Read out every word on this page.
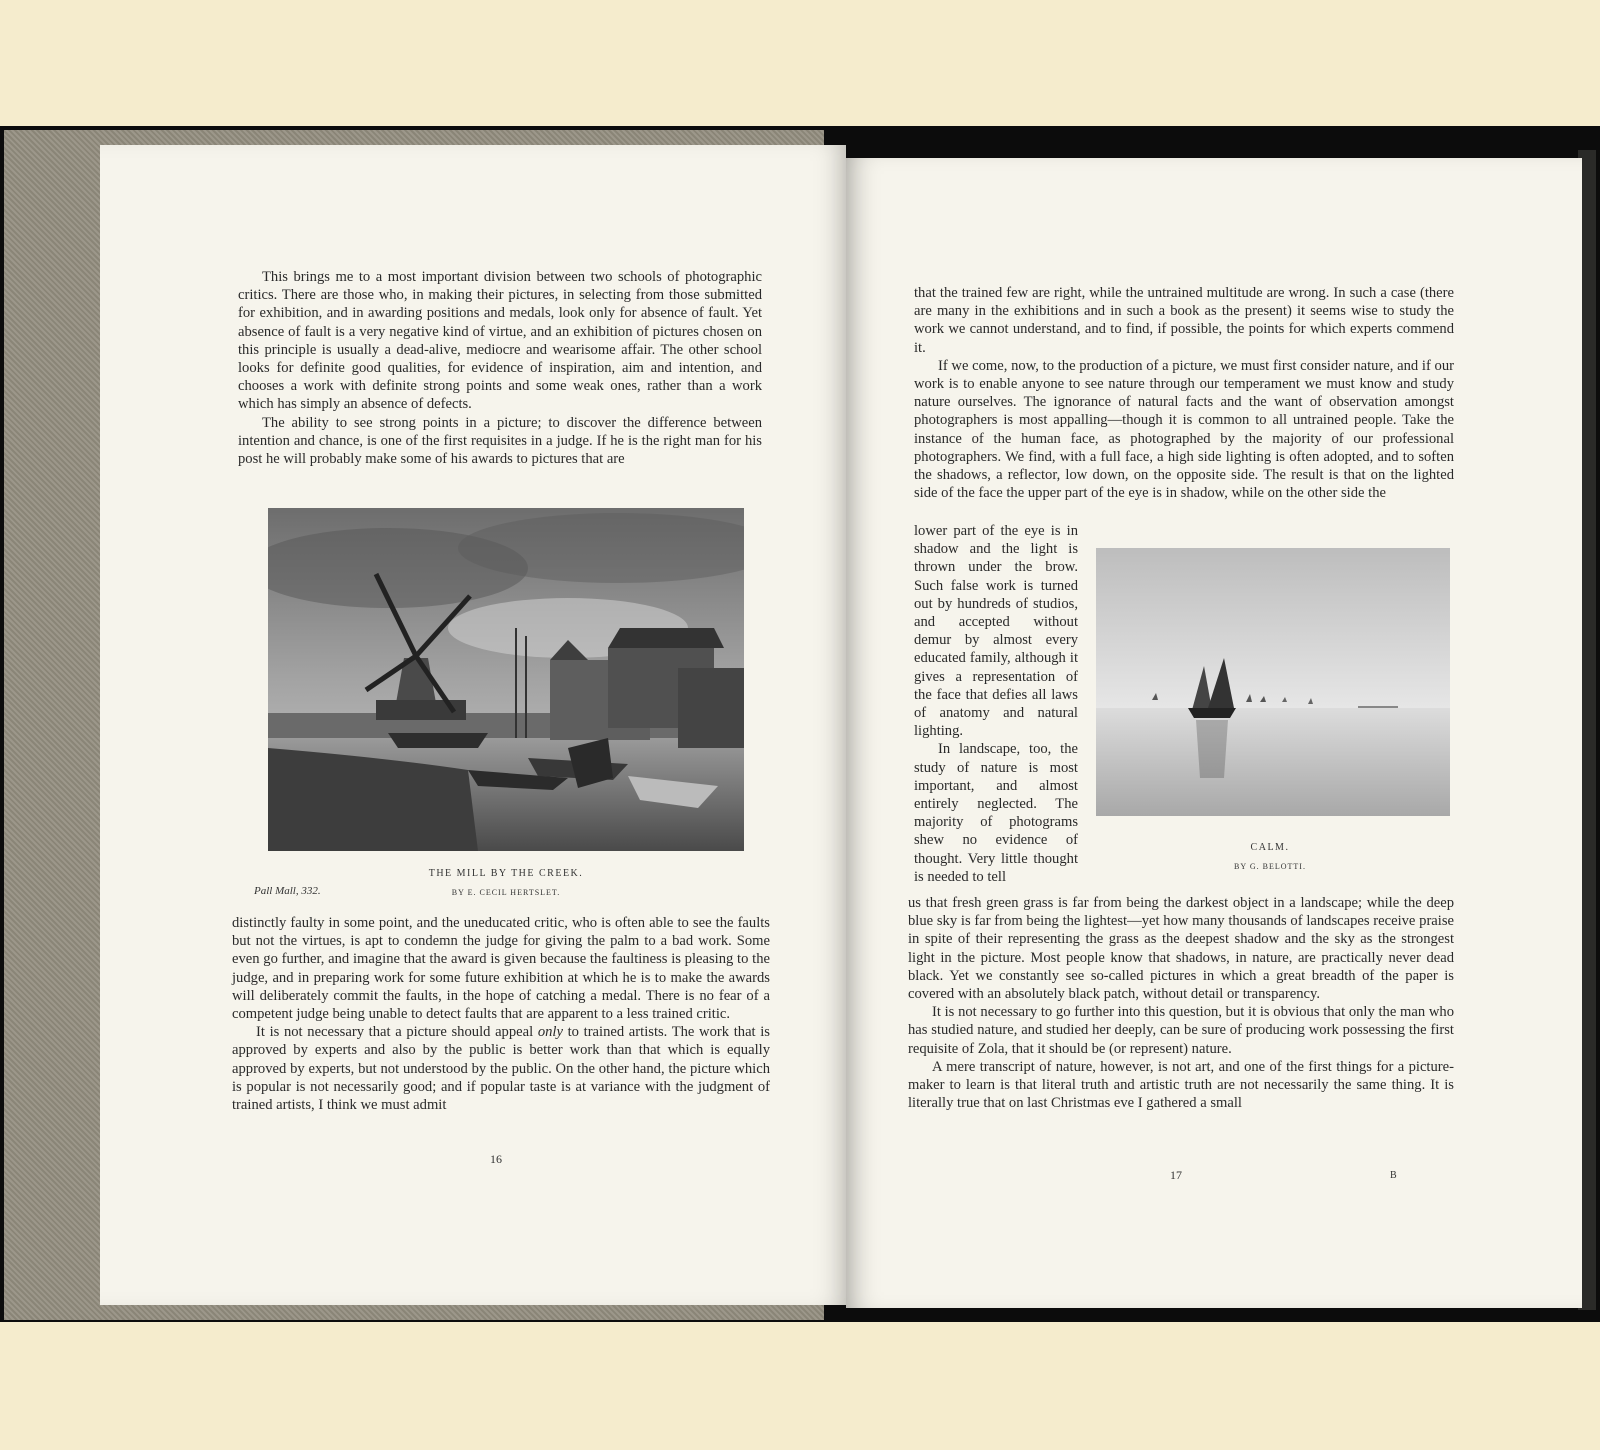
This brings me to a most important division between two schools of photographic critics. There are those who, in making their pictures, in selecting from those submitted for exhibition, and in awarding positions and medals, look only for absence of fault. Yet absence of fault is a very negative kind of virtue, and an exhibition of pictures chosen on this principle is usually a dead-alive, mediocre and wearisome affair. The other school looks for definite good qualities, for evidence of inspiration, aim and intention, and chooses a work with definite strong points and some weak ones, rather than a work which has simply an absence of defects.

The ability to see strong points in a picture; to discover the difference between intention and chance, is one of the first requisites in a judge. If he is the right man for his post he will probably make some of his awards to pictures that are

THE MILL BY THE CREEK.
BY E. CECIL HERTSLET.
Pall Mall, 332.

distinctly faulty in some point, and the uneducated critic, who is often able to see the faults but not the virtues, is apt to condemn the judge for giving the palm to a bad work. Some even go further, and imagine that the award is given because the faultiness is pleasing to the judge, and in preparing work for some future exhibition at which he is to make the awards will deliberately commit the faults, in the hope of catching a medal. There is no fear of a competent judge being unable to detect faults that are apparent to a less trained critic.

It is not necessary that a picture should appeal only to trained artists. The work that is approved by experts and also by the public is better work than that which is equally approved by experts, but not understood by the public. On the other hand, the picture which is popular is not necessarily good; and if popular taste is at variance with the judgment of trained artists, I think we must admit

16

that the trained few are right, while the untrained multitude are wrong. In such a case (there are many in the exhibitions and in such a book as the present) it seems wise to study the work we cannot understand, and to find, if possible, the points for which experts commend it.

If we come, now, to the production of a picture, we must first consider nature, and if our work is to enable anyone to see nature through our temperament we must know and study nature ourselves. The ignorance of natural facts and the want of observation amongst photographers is most appalling—though it is common to all untrained people. Take the instance of the human face, as photographed by the majority of our professional photographers. We find, with a full face, a high side lighting is often adopted, and to soften the shadows, a reflector, low down, on the opposite side. The result is that on the lighted side of the face the upper part of the eye is in shadow, while on the other side the

lower part of the eye is in shadow and the light is thrown under the brow. Such false work is turned out by hundreds of studios, and accepted without demur by almost every educated family, although it gives a representation of the face that defies all laws of anatomy and natural lighting.

In landscape, too, the study of nature is most important, and almost entirely neglected. The majority of photograms shew no evidence of thought. Very little thought is needed to tell

CALM.
BY G. BELOTTI.

us that fresh green grass is far from being the darkest object in a landscape; while the deep blue sky is far from being the lightest—yet how many thousands of landscapes receive praise in spite of their representing the grass as the deepest shadow and the sky as the strongest light in the picture. Most people know that shadows, in nature, are practically never dead black. Yet we constantly see so-called pictures in which a great breadth of the paper is covered with an absolutely black patch, without detail or transparency.

It is not necessary to go further into this question, but it is obvious that only the man who has studied nature, and studied her deeply, can be sure of producing work possessing the first requisite of Zola, that it should be (or represent) nature.

A mere transcript of nature, however, is not art, and one of the first things for a picture-maker to learn is that literal truth and artistic truth are not necessarily the same thing. It is literally true that on last Christmas eve I gathered a small

17	B
